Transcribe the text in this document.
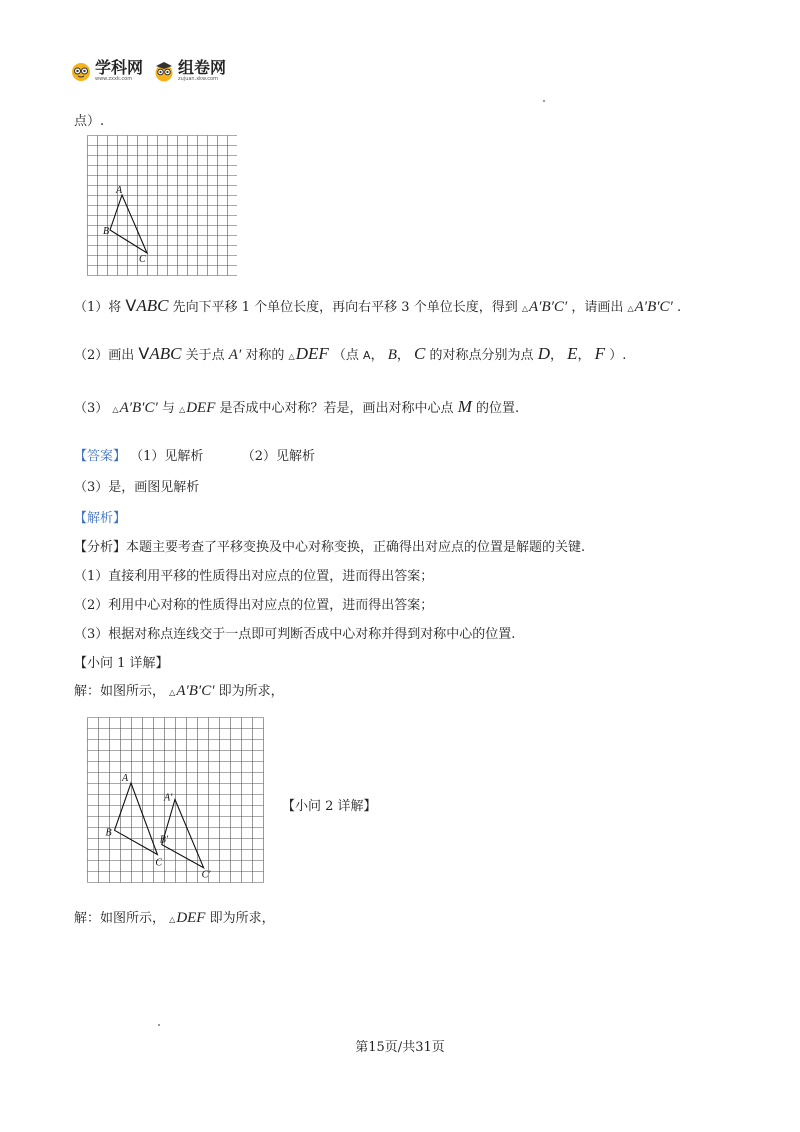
学科网
www.zxxk.com
组卷网
zujuan.xkw.com
点）.
A
B
C
（1）将 VABC 先向下平移 1 个单位长度，再向右平移 3 个单位长度，得到 △A′B′C′ ，请画出 △A′B′C′ .
（2）画出 VABC 关于点 A′ 对称的 △DEF （点 A， B， C 的对称点分别为点 D， E， F ）.
（3） △A′B′C′ 与 △DEF 是否成中心对称？若是，画出对称中心点 M 的位置.
【答案】 （1）见解析	（2）见解析
（3）是，画图见解析
【解析】
【分析】本题主要考查了平移变换及中心对称变换，正确得出对应点的位置是解题的关键.
（1）直接利用平移的性质得出对应点的位置，进而得出答案；
（2）利用中心对称的性质得出对应点的位置，进而得出答案；
（3）根据对称点连线交于一点即可判断否成中心对称并得到对称中心的位置.
【小问 1 详解】
解：如图所示， △A′B′C′ 即为所求，
A
B
C
A′
B′
C′
【小问 2 详解】
解：如图所示， △DEF 即为所求，
第15页/共31页
